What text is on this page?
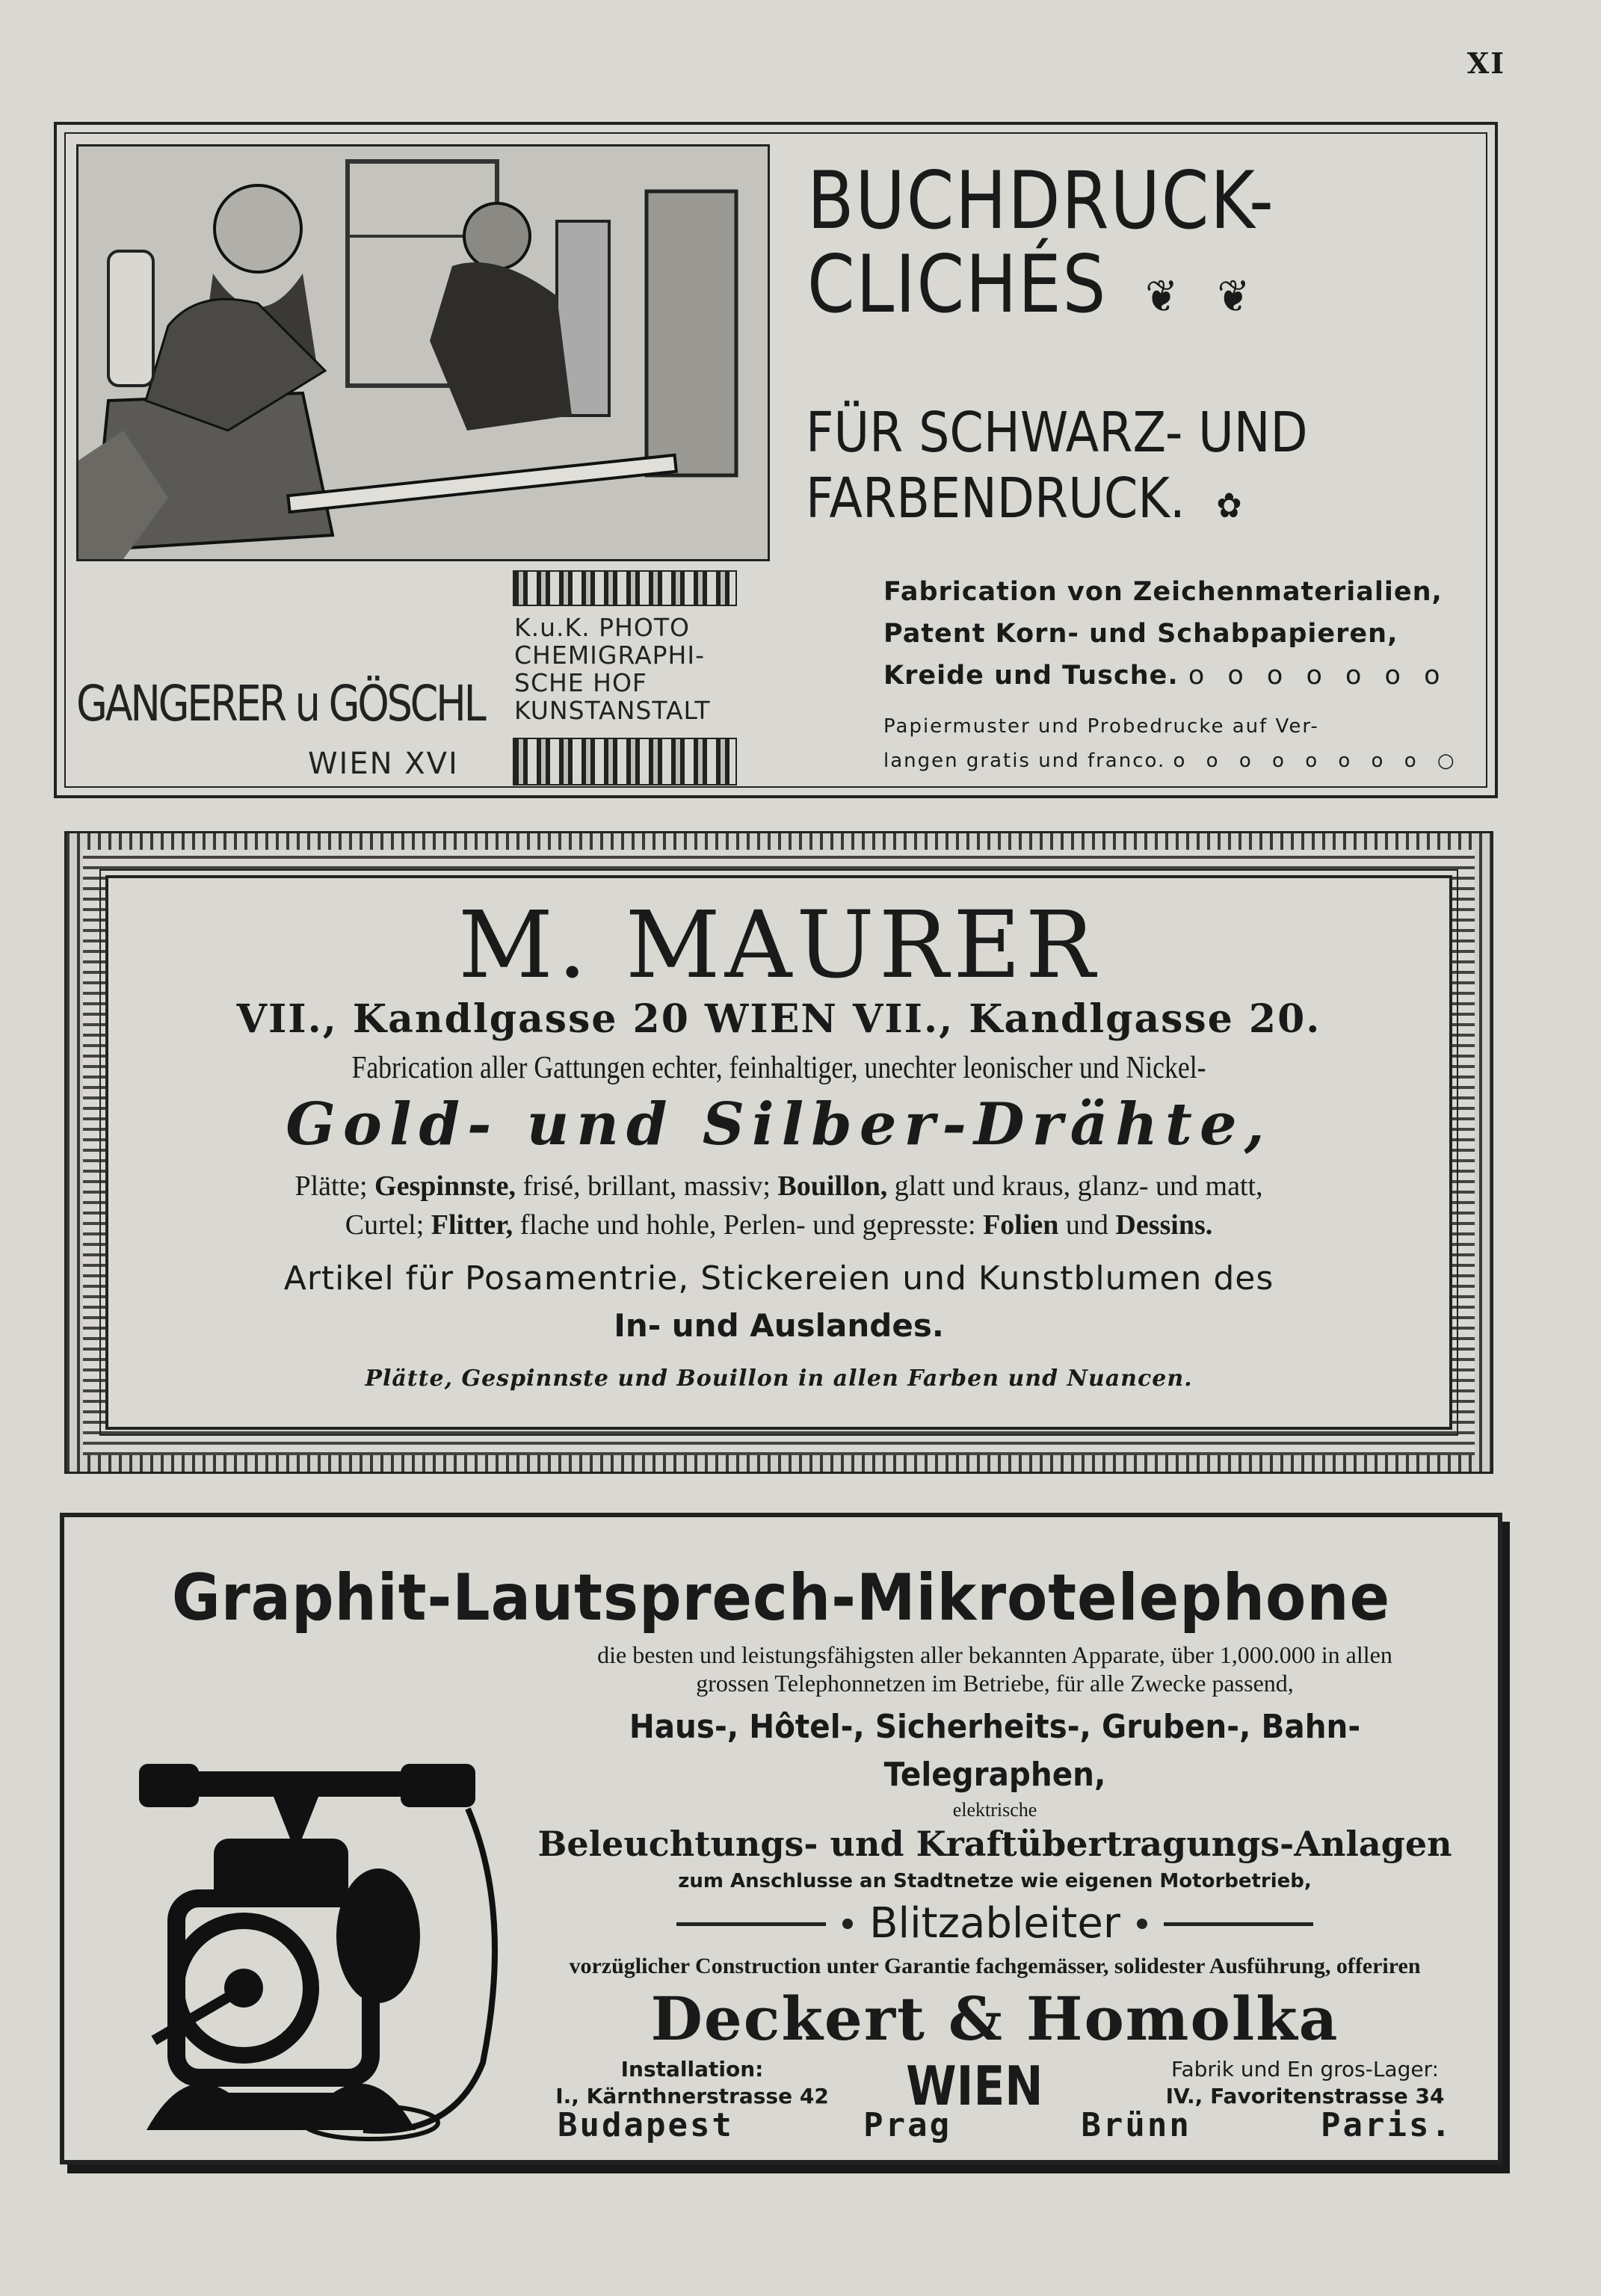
XI
K.u.K. PHOTO
CHEMIGRAPHI-
SCHE HOF
KUNSTANSTALT
GANGERER u GÖSCHL
WIEN XVI
BUCHDRUCK-
CLICHÉS ❦ ❦
FÜR SCHWARZ- UND
FARBENDRUCK. ✿
Fabrication von Zeichenmaterialien,
Patent Korn- und Schabpapieren,
Kreide und Tusche. o o o o o o o
Papiermuster und Probedrucke auf Ver-
langen gratis und franco. o o o o o o o o ○
M. MAURER
VII., Kandlgasse 20 WIEN VII., Kandlgasse 20.
Fabrication aller Gattungen echter, feinhaltiger, unechter leonischer und Nickel-
Gold- und Silber-Drähte,
Plätte; Gespinnste, frisé, brillant, massiv; Bouillon, glatt und kraus, glanz- und matt,
Curtel; Flitter, flache und hohle, Perlen- und gepresste: Folien und Dessins.
Artikel für Posamentrie, Stickereien und Kunstblumen des
In- und Auslandes.
Plätte, Gespinnste und Bouillon in allen Farben und Nuancen.
Graphit-Lautsprech-Mikrotelephone
die besten und leistungsfähigsten aller bekannten Apparate, über 1,000.000 in allen
grossen Telephonnetzen im Betriebe, für alle Zwecke passend,
Haus-, Hôtel-, Sicherheits-, Gruben-, Bahn-Telegraphen,
elektrische
Beleuchtungs- und Kraftübertragungs-Anlagen
zum Anschlusse an Stadtnetze wie eigenen Motorbetrieb,
Blitzableiter
vorzüglicher Construction unter Garantie fachgemässer, solidester Ausführung, offeriren
Deckert & Homolka
Installation:
I., Kärnthnerstrasse 42	WIEN	Fabrik und En gros-Lager:
IV., Favoritenstrasse 34
Budapest	Prag	Brünn	Paris.
